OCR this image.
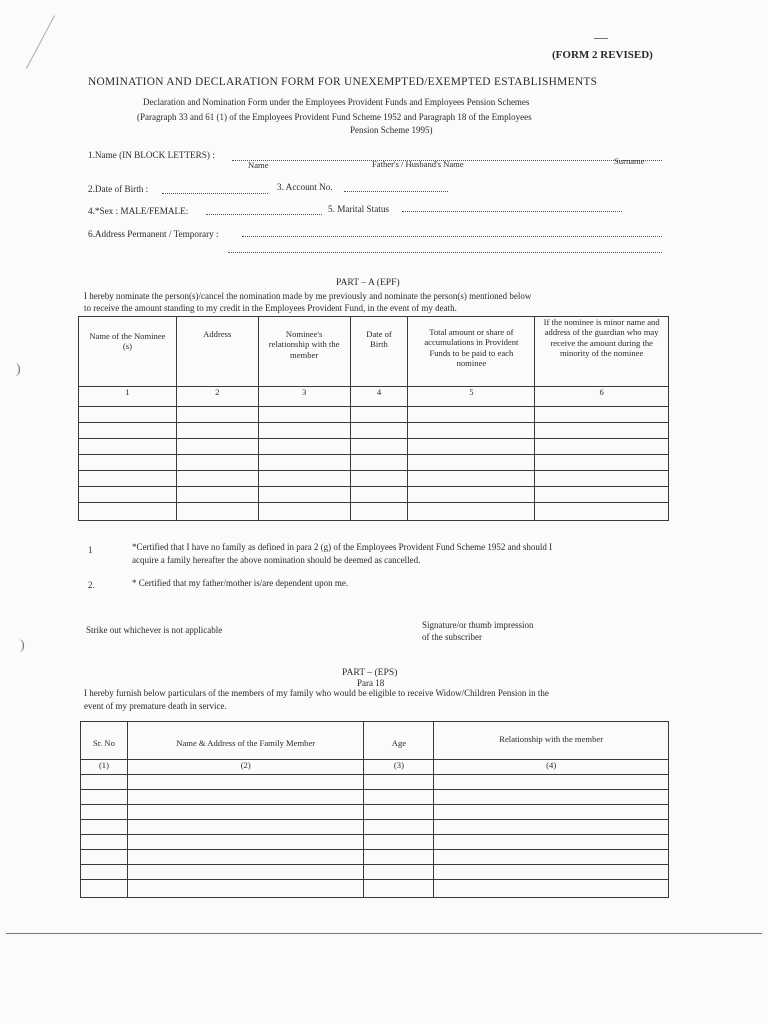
(FORM 2 REVISED)
NOMINATION AND DECLARATION FORM FOR UNEXEMPTED/EXEMPTED ESTABLISHMENTS
Declaration and Nomination Form under the Employees Provident Funds and Employees Pension Schemes
(Paragraph 33 and 61 (1) of the Employees Provident Fund Scheme 1952 and Paragraph 18 of the Employees
Pension Scheme 1995)
1.Name (IN BLOCK LETTERS) :
Name	Father's / Husband's Name	Surname
2.Date of Birth :	3. Account No.
4.*Sex : MALE/FEMALE:	5. Marital Status
6.Address Permanent / Temporary :
PART – A (EPF)
I hereby nominate the person(s)/cancel the nomination made by me previously and nominate the person(s) mentioned below
to receive the amount standing to my credit in the Employees Provident Fund, in the event of my death.
Name of the Nominee (s)	Address	Nominee's relationship with the member	Date of Birth	Total amount or share of accumulations in Provident Funds to be paid to each nominee	If the nominee is minor name and address of the guardian who may receive the amount during the minority of the nominee

1	2	3	4	5	6

1	*Certified that I have no family as defined in para 2 (g) of the Employees Provident Fund Scheme 1952 and should I
acquire a family hereafter the above nomination should be deemed as cancelled.
2.	* Certified that my father/mother is/are dependent upon me.
Strike out whichever is not applicable	Signature/or thumb impression
of the subscriber
PART – (EPS)
Para 18
I hereby furnish below particulars of the members of my family who would be eligible to receive Widow/Children Pension in the
event of my premature death in service.
Sr. No	Name & Address of the Family Member	Age	Relationship with the member

(1)	(2)	(3)	(4)

)
)
